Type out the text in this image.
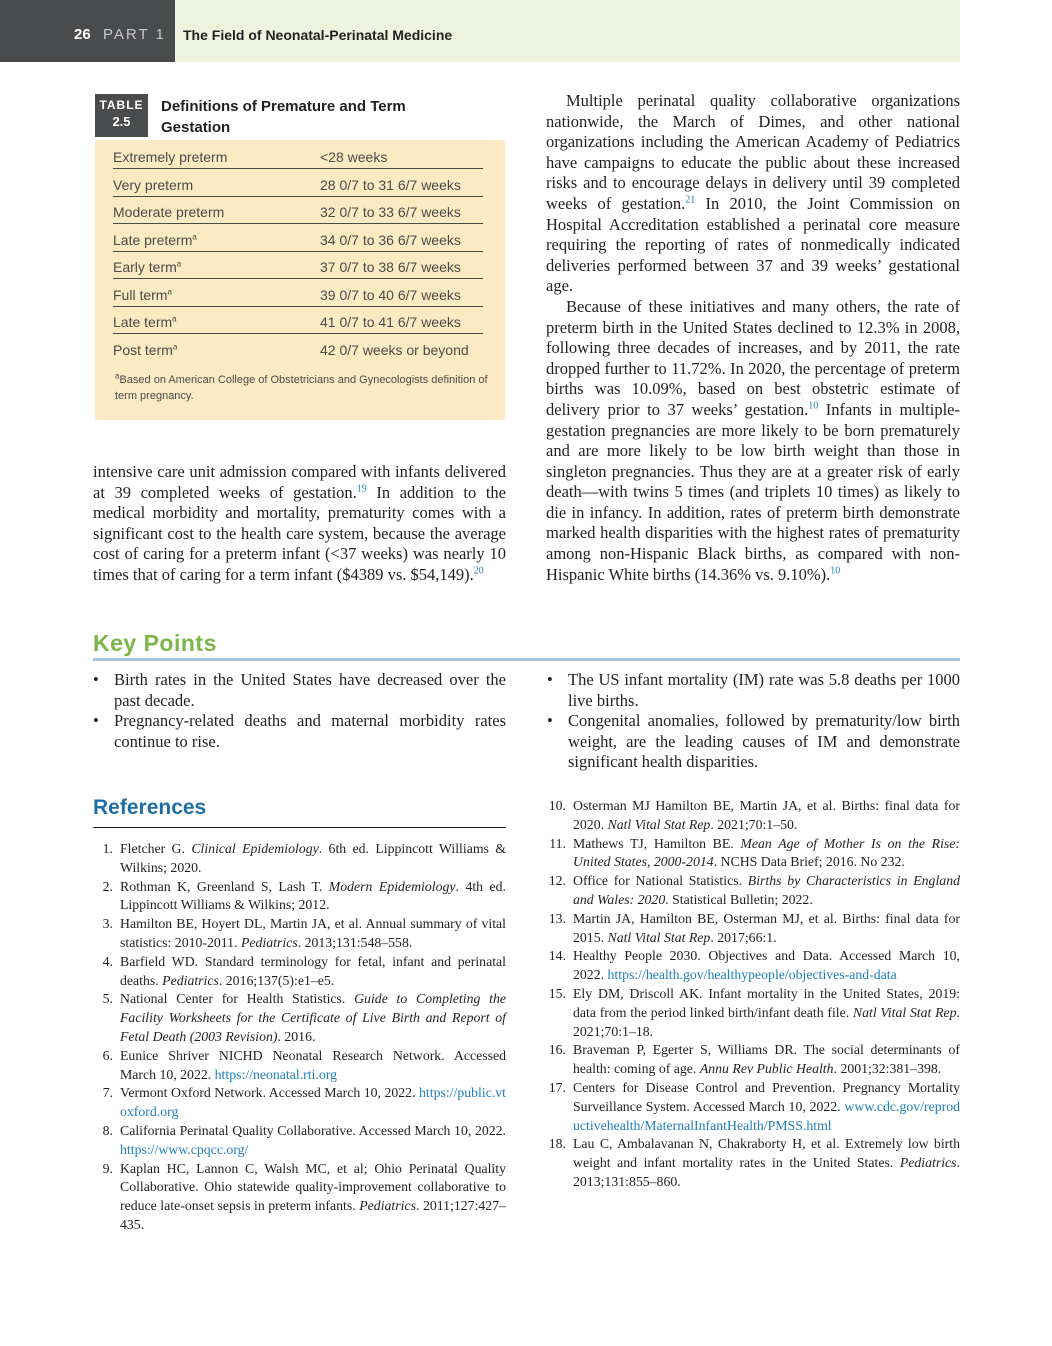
26 PART 1 The Field of Neonatal-Perinatal Medicine
TABLE
2.5
Definitions of Premature and Term Gestation
Extremely preterm	<28 weeks
Very preterm	28 0/7 to 31 6/7 weeks
Moderate preterm	32 0/7 to 33 6/7 weeks
Late preterm$^a$	34 0/7 to 36 6/7 weeks
Early term$^a$	37 0/7 to 38 6/7 weeks
Full term$^a$	39 0/7 to 40 6/7 weeks
Late term$^a$	41 0/7 to 41 6/7 weeks
Post term$^a$	42 0/7 weeks or beyond
$^a$Based on American College of Obstetricians and Gynecologists definition of term pregnancy.

intensive care unit admission compared with infants delivered at 39 completed weeks of gestation.$^{19}$ In addition to the medical morbidity and mortality, prematurity comes with a significant cost to the health care system, because the average cost of caring for a preterm infant (<37 weeks) was nearly 10 times that of caring for a term infant ($4389 vs. $54,149).$^{20}$

Multiple perinatal quality collaborative organizations nationwide, the March of Dimes, and other national organizations including the American Academy of Pediatrics have campaigns to educate the public about these increased risks and to encourage delays in delivery until 39 completed weeks of gestation.$^{21}$ In 2010, the Joint Commission on Hospital Accreditation established a perinatal core measure requiring the reporting of rates of nonmedically indicated deliveries performed between 37 and 39 weeks’ gestational age.

Because of these initiatives and many others, the rate of preterm birth in the United States declined to 12.3% in 2008, following three decades of increases, and by 2011, the rate dropped further to 11.72%. In 2020, the percentage of preterm births was 10.09%, based on best obstetric estimate of delivery prior to 37 weeks’ gestation.$^{10}$ Infants in multiple-gestation pregnancies are more likely to be born prematurely and are more likely to be low birth weight than those in singleton pregnancies. Thus they are at a greater risk of early death—with twins 5 times (and triplets 10 times) as likely to die in infancy. In addition, rates of preterm birth demonstrate marked health disparities with the highest rates of prematurity among non-Hispanic Black births, as compared with non-Hispanic White births (14.36% vs. 9.10%).$^{10}$

Key Points
• Birth rates in the United States have decreased over the past decade.
• Pregnancy-related deaths and maternal morbidity rates continue to rise.
• The US infant mortality (IM) rate was 5.8 deaths per 1000 live births.
• Congenital anomalies, followed by prematurity/low birth weight, are the leading causes of IM and demonstrate significant health disparities.
References
1. Fletcher G. Clinical Epidemiology. 6th ed. Lippincott Williams & Wilkins; 2020.
2. Rothman K, Greenland S, Lash T. Modern Epidemiology. 4th ed. Lippincott Williams & Wilkins; 2012.
3. Hamilton BE, Hoyert DL, Martin JA, et al. Annual summary of vital statistics: 2010-2011. Pediatrics. 2013;131:548–558.
4. Barfield WD. Standard terminology for fetal, infant and perinatal deaths. Pediatrics. 2016;137(5):e1–e5.
5. National Center for Health Statistics. Guide to Completing the Facility Worksheets for the Certificate of Live Birth and Report of Fetal Death (2003 Revision). 2016.
6. Eunice Shriver NICHD Neonatal Research Network. Accessed March 10, 2022. https://neonatal.rti.org
7. Vermont Oxford Network. Accessed March 10, 2022. https://public.vtoxford.org
8. California Perinatal Quality Collaborative. Accessed March 10, 2022. https://www.cpqcc.org/
9. Kaplan HC, Lannon C, Walsh MC, et al; Ohio Perinatal Quality Collaborative. Ohio statewide quality-improvement collaborative to reduce late-onset sepsis in preterm infants. Pediatrics. 2011;127:427–435.
10. Osterman MJ Hamilton BE, Martin JA, et al. Births: final data for 2020. Natl Vital Stat Rep. 2021;70:1–50.
11. Mathews TJ, Hamilton BE. Mean Age of Mother Is on the Rise: United States, 2000-2014. NCHS Data Brief; 2016. No 232.
12. Office for National Statistics. Births by Characteristics in England and Wales: 2020. Statistical Bulletin; 2022.
13. Martin JA, Hamilton BE, Osterman MJ, et al. Births: final data for 2015. Natl Vital Stat Rep. 2017;66:1.
14. Healthy People 2030. Objectives and Data. Accessed March 10, 2022. https://health.gov/healthypeople/objectives-and-data
15. Ely DM, Driscoll AK. Infant mortality in the United States, 2019: data from the period linked birth/infant death file. Natl Vital Stat Rep. 2021;70:1–18.
16. Braveman P, Egerter S, Williams DR. The social determinants of health: coming of age. Annu Rev Public Health. 2001;32:381–398.
17. Centers for Disease Control and Prevention. Pregnancy Mortality Surveillance System. Accessed March 10, 2022. www.cdc.gov/reproductivehealth/MaternalInfantHealth/PMSS.html
18. Lau C, Ambalavanan N, Chakraborty H, et al. Extremely low birth weight and infant mortality rates in the United States. Pediatrics. 2013;131:855–860.
